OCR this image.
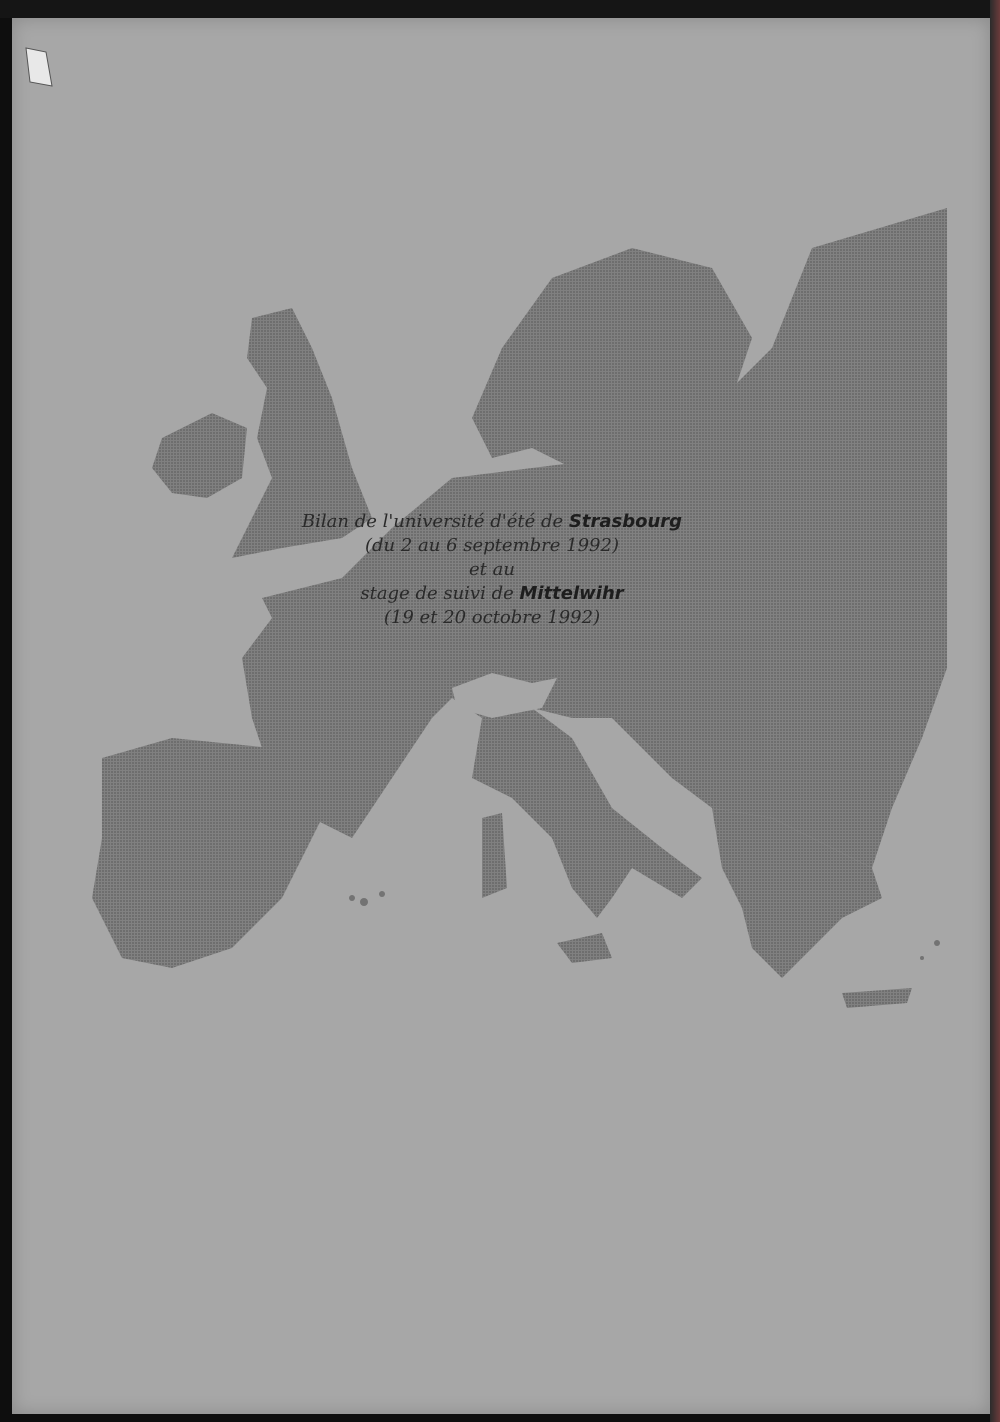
Bilan de l'université d'été de Strasbourg
(du 2 au 6 septembre 1992)
et au
stage de suivi de Mittelwihr
(19 et 20 octobre 1992)
